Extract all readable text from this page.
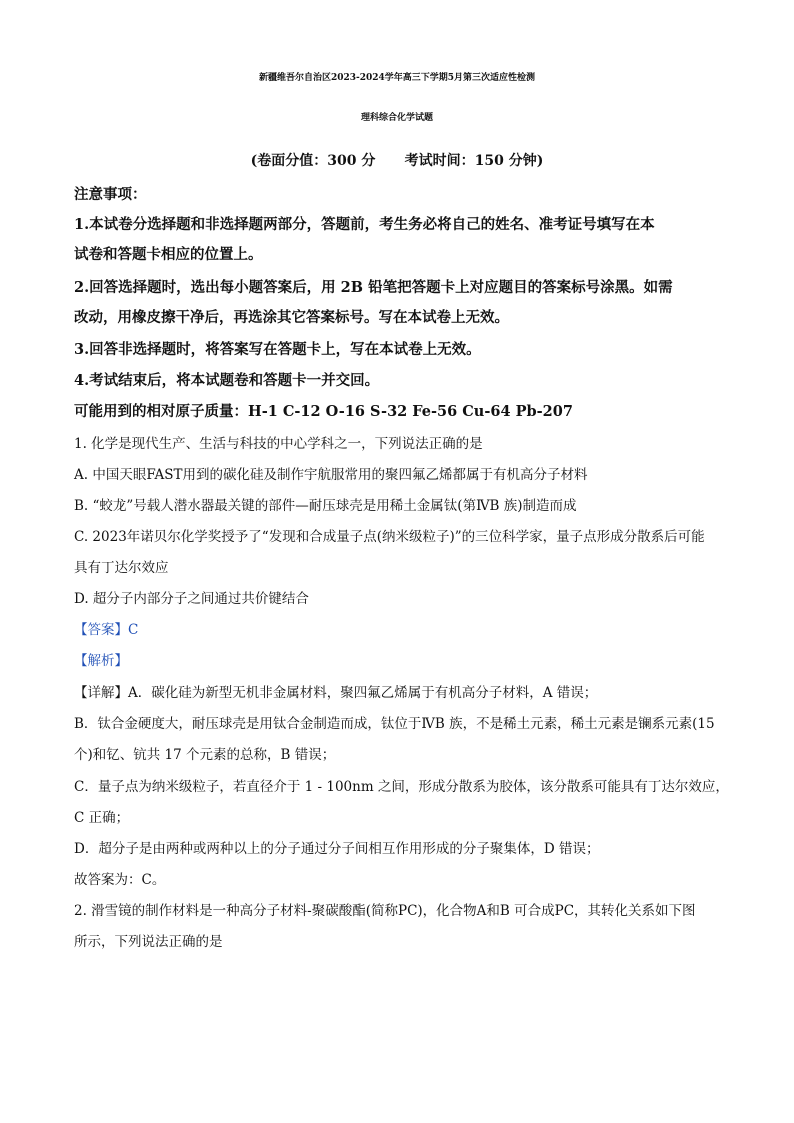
新疆维吾尔自治区2023-2024学年高三下学期5月第三次适应性检测
理科综合化学试题
(卷面分值：300 分      考试时间：150 分钟)
注意事项：
1.本试卷分选择题和非选择题两部分，答题前，考生务必将自己的姓名、准考证号填写在本
试卷和答题卡相应的位置上。
2.回答选择题时，选出每小题答案后，用 2B 铅笔把答题卡上对应题目的答案标号涂黑。如需
改动，用橡皮擦干净后，再选涂其它答案标号。写在本试卷上无效。
3.回答非选择题时，将答案写在答题卡上，写在本试卷上无效。
4.考试结束后，将本试题卷和答题卡一并交回。
可能用到的相对原子质量：H-1 C-12 O-16 S-32 Fe-56 Cu-64 Pb-207
1. 化学是现代生产、生活与科技的中心学科之一，下列说法正确的是
A. 中国天眼FAST用到的碳化硅及制作宇航服常用的聚四氟乙烯都属于有机高分子材料
B. “蛟龙”号载人潜水器最关键的部件—耐压球壳是用稀土金属钛(第ⅣB 族)制造而成
C. 2023年诺贝尔化学奖授予了“发现和合成量子点(纳米级粒子)”的三位科学家，量子点形成分散系后可能
具有丁达尔效应
D. 超分子内部分子之间通过共价键结合
【答案】C
【解析】
【详解】A．碳化硅为新型无机非金属材料，聚四氟乙烯属于有机高分子材料，A 错误；
B．钛合金硬度大，耐压球壳是用钛合金制造而成，钛位于ⅣB 族，不是稀土元素，稀土元素是镧系元素(15
个)和钇、钪共 17 个元素的总称，B 错误；
C．量子点为纳米级粒子，若直径介于 1 - 100nm 之间，形成分散系为胶体，该分散系可能具有丁达尔效应，
C 正确；
D．超分子是由两种或两种以上的分子通过分子间相互作用形成的分子聚集体，D 错误；
故答案为：C。
2. 滑雪镜的制作材料是一种高分子材料-聚碳酸酯(简称PC)，化合物A和B 可合成PC，其转化关系如下图
所示，下列说法正确的是
